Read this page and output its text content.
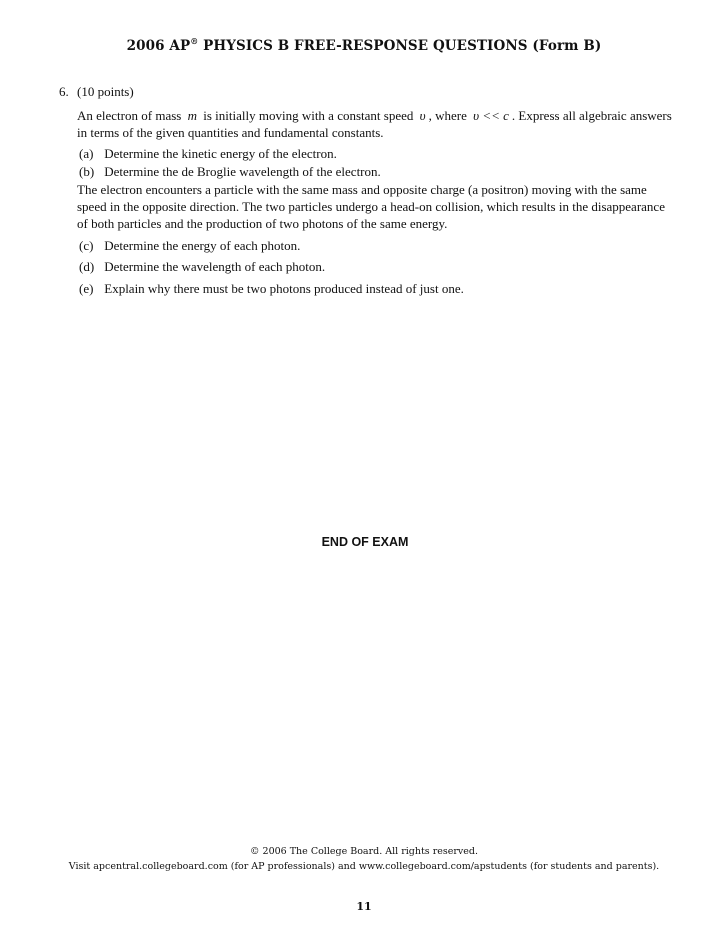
2006 AP® PHYSICS B FREE-RESPONSE QUESTIONS (Form B)
6. (10 points)
An electron of mass m is initially moving with a constant speed υ , where υ << c . Express all algebraic answers in terms of the given quantities and fundamental constants.
(a) Determine the kinetic energy of the electron.
(b) Determine the de Broglie wavelength of the electron.
The electron encounters a particle with the same mass and opposite charge (a positron) moving with the same speed in the opposite direction. The two particles undergo a head-on collision, which results in the disappearance of both particles and the production of two photons of the same energy.
(c) Determine the energy of each photon.
(d) Determine the wavelength of each photon.
(e) Explain why there must be two photons produced instead of just one.
END OF EXAM
© 2006 The College Board. All rights reserved.
Visit apcentral.collegeboard.com (for AP professionals) and www.collegeboard.com/apstudents (for students and parents).
11
